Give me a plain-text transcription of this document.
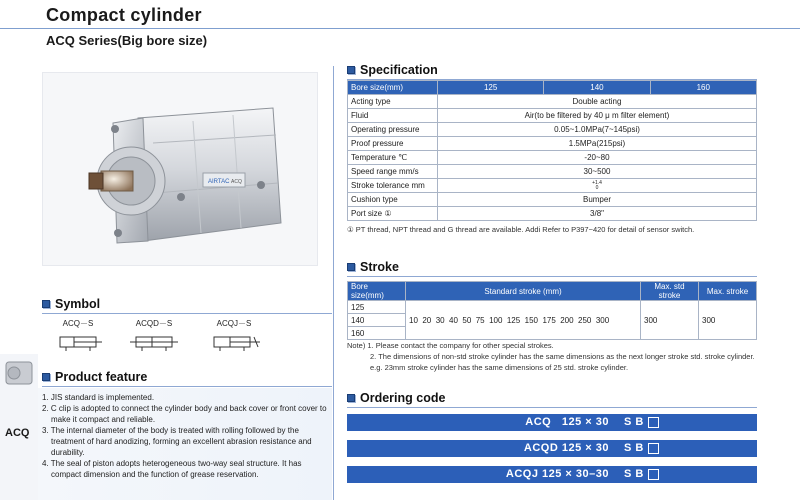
Compact cylinder
ACQ Series(Big bore size)
AIRTAC ACQ
Specification
Bore size(mm)	125	140	160
Acting type	Double acting		
Fluid	Air(to be filtered by 40 μ m filter element)		
Operating pressure	0.05~1.0MPa(7~145psi)		
Proof pressure	1.5MPa(215psi)		
Temperature ℃	-20~80		
Speed range mm/s	30~500		
Stroke tolerance mm	+1.4
0		
Cushion type	Bumper		
Port size ①	3/8"		
① PT thread, NPT thread and G thread are available. Addi Refer to P397~420 for detail of sensor switch.
Stroke
Bore size(mm)	Standard stroke (mm)	Max. std stroke	Max. stroke
125	10  20  30  40  50  75  100  125  150  175  200  250  300	300	300
140			
160			
Note) 1. Please contact the company for other special strokes.
2. The dimensions of non-std stroke cylinder has the same dimensions as the next longer stroke std. stroke cylinder. e.g. 23mm stroke cylinder has the same dimensions of 25 std. stroke cylinder.
Symbol
ACQ－S	ACQD－S	ACQJ－S
ACQ
Product feature
1. JIS standard is implemented.
2. C clip is adopted to connect the cylinder body and back cover or front cover to make it compact and reliable.
3. The internal diameter of the body is treated with rolling followed by the treatment of hard anodizing, forming an excellent abrasion resistance and durability.
4. The seal of piston adopts heterogeneous two-way seal structure. It has compact dimension and the function of grease reservation.
Ordering code
ACQ   125 × 30 S B
ACQD 125 × 30 S B
ACQJ 125 × 30–30 S B
